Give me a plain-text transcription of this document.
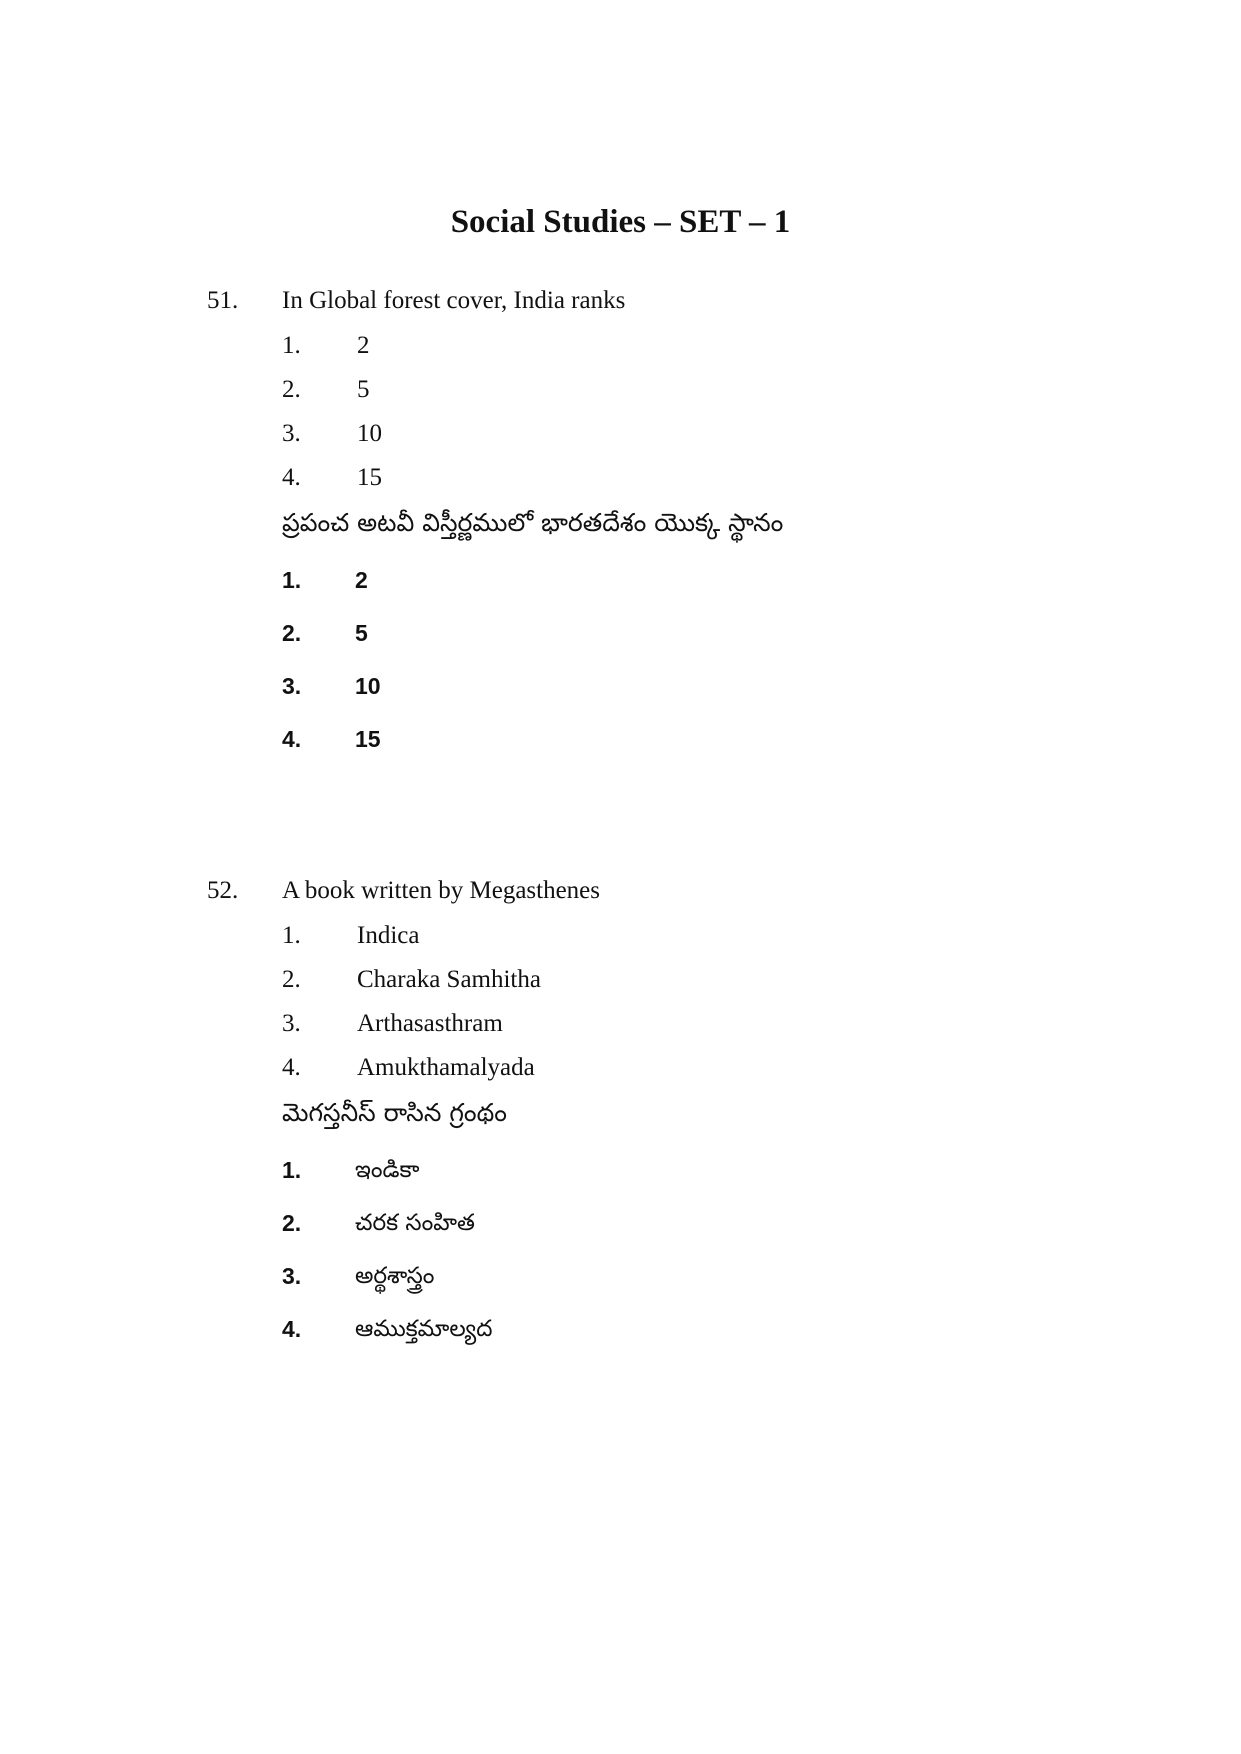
Social Studies – SET – 1
51. In Global forest cover, India ranks
1. 2
2. 5
3. 10
4. 15
ప్రపంచ అటవీ విస్తీర్ణములో భారతదేశం యొక్క స్థానం
1. 2
2. 5
3. 10
4. 15
52. A book written by Megasthenes
1. Indica
2. Charaka Samhitha
3. Arthasasthram
4. Amukthamalyada
మెగస్తనీస్ రాసిన గ్రంథం
1. ఇండికా
2. చరక సంహిత
3. అర్థశాస్త్రం
4. ఆముక్తమాల్యద
